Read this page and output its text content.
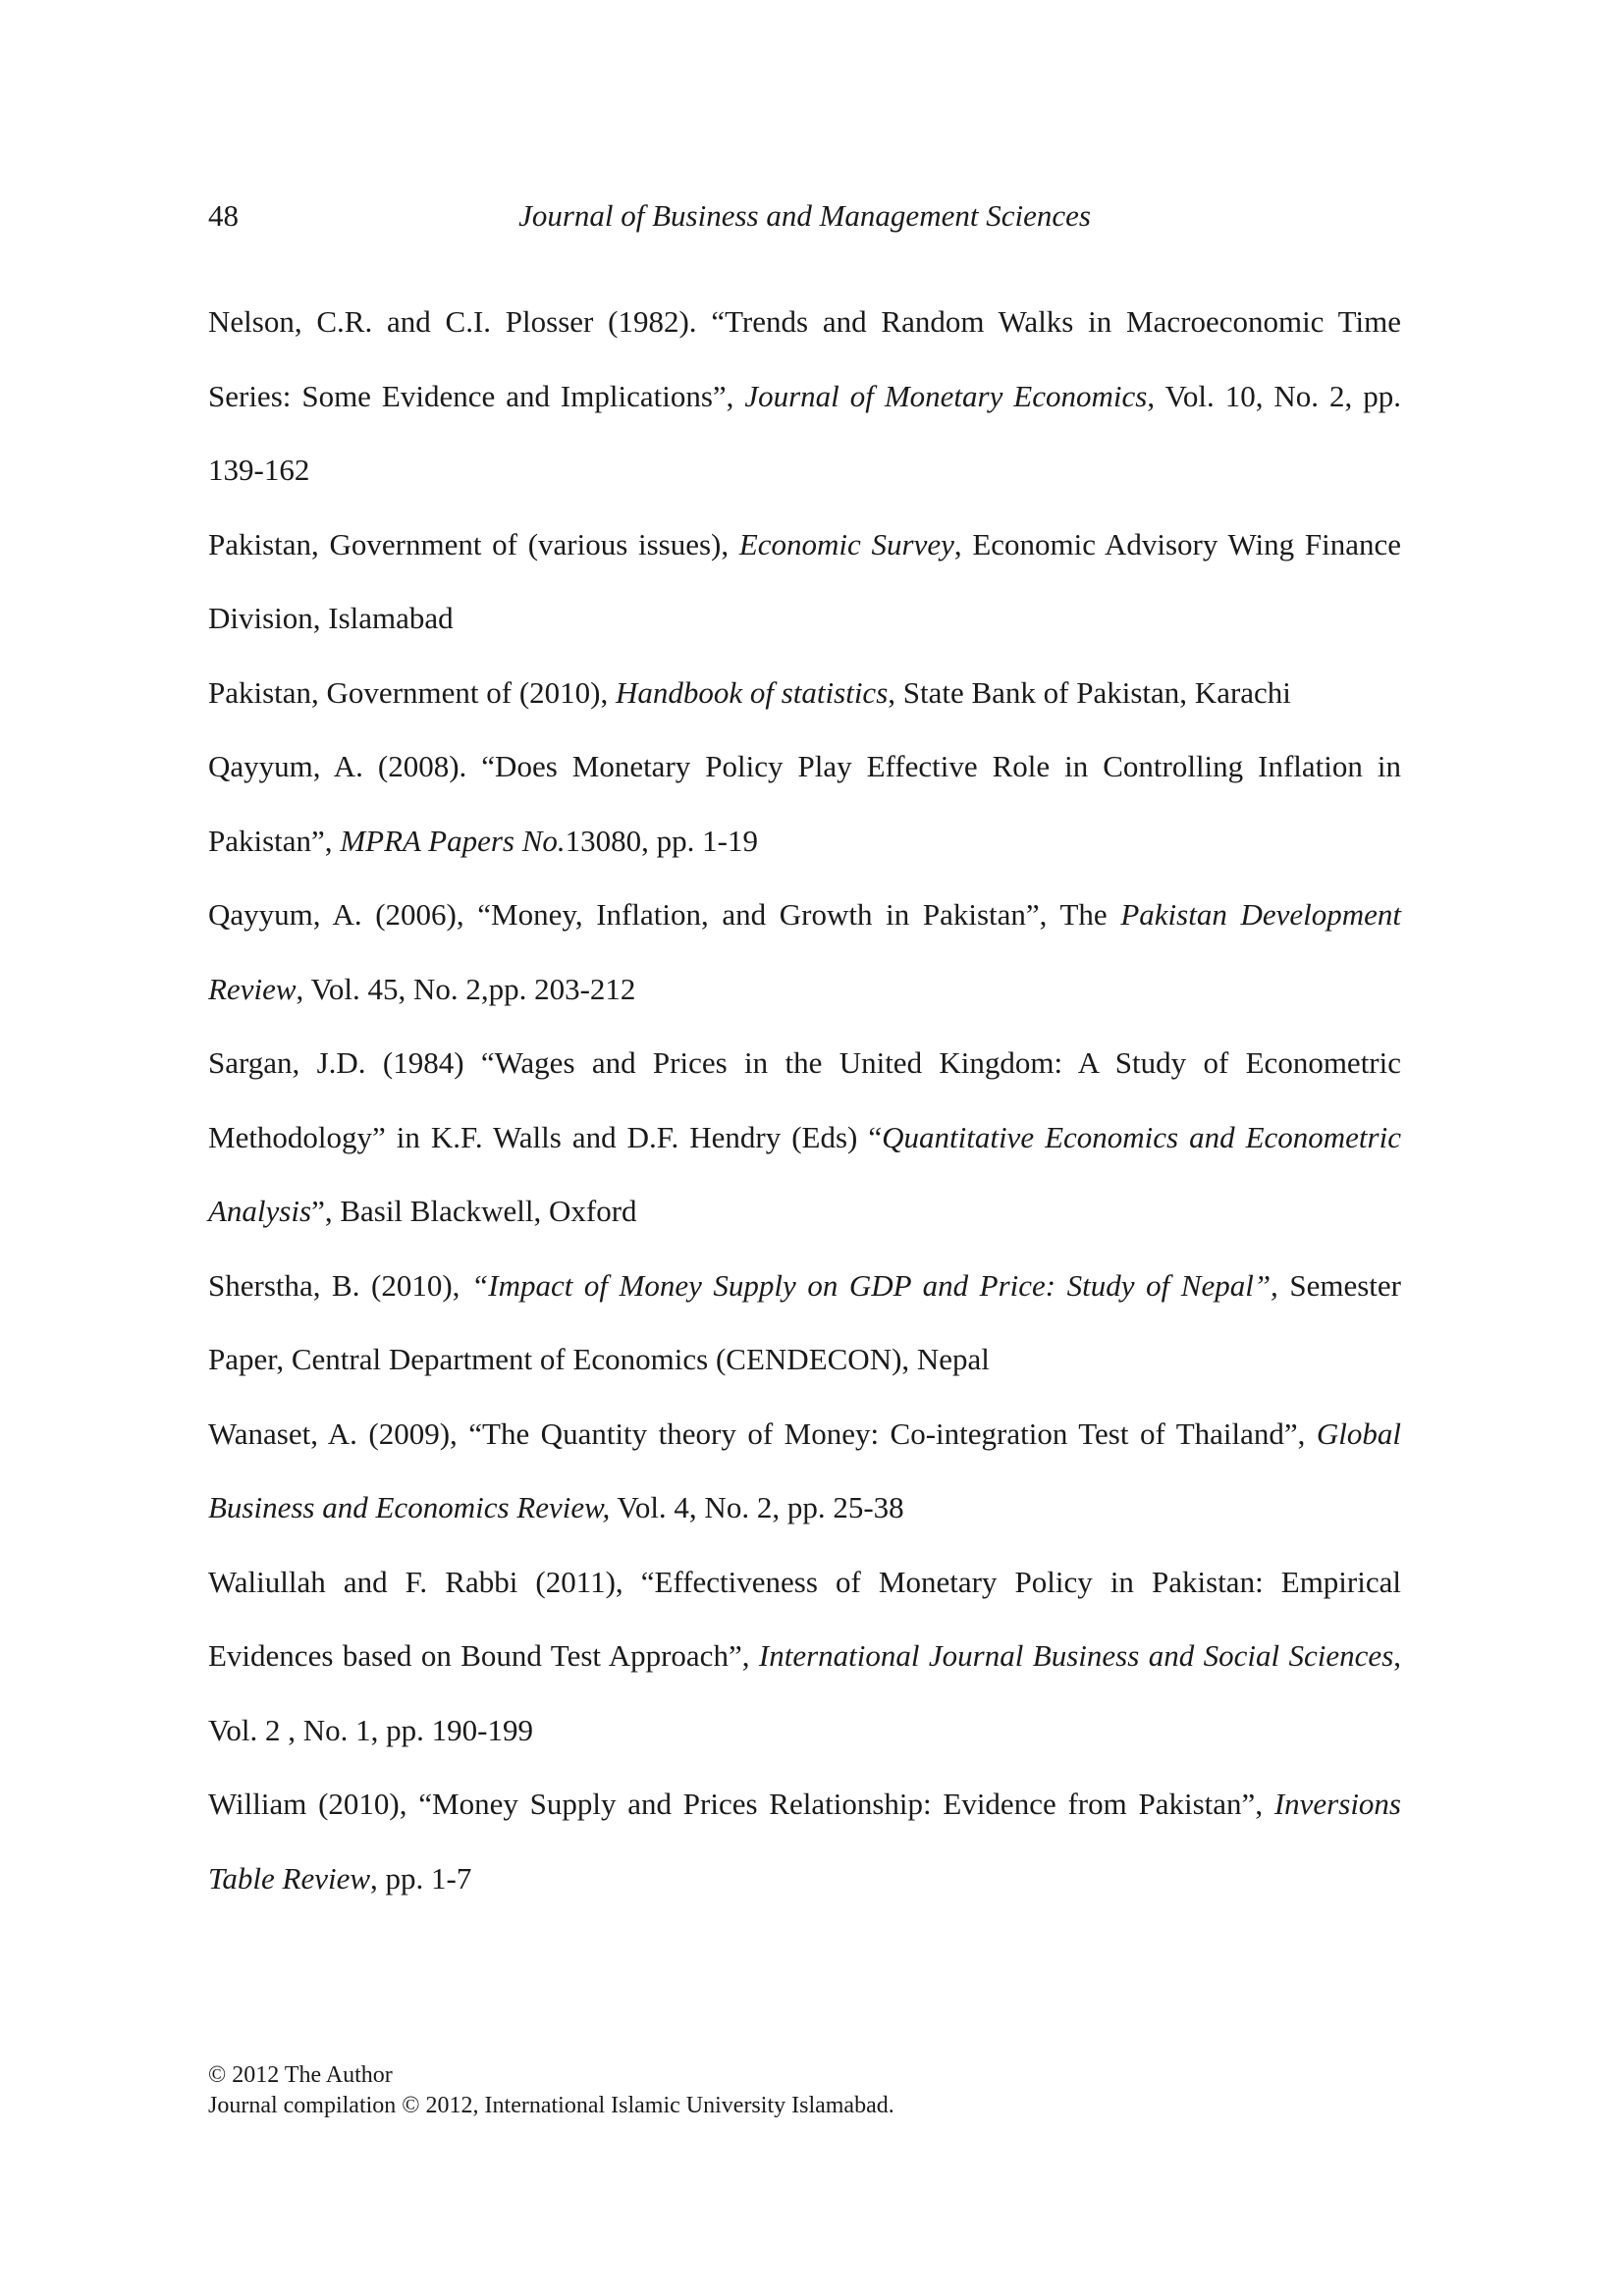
48	Journal of Business and Management Sciences

Nelson, C.R. and C.I. Plosser (1982). “Trends and Random Walks in Macroeconomic Time Series: Some Evidence and Implications”, Journal of Monetary Economics, Vol. 10, No. 2, pp. 139-162

Pakistan, Government of (various issues), Economic Survey, Economic Advisory Wing Finance Division, Islamabad

Pakistan, Government of (2010), Handbook of statistics, State Bank of Pakistan, Karachi

Qayyum, A. (2008). “Does Monetary Policy Play Effective Role in Controlling Inflation in Pakistan”, MPRA Papers No.13080, pp. 1-19

Qayyum, A. (2006), “Money, Inflation, and Growth in Pakistan”, The Pakistan Development Review, Vol. 45, No. 2,pp. 203-212

Sargan, J.D. (1984) “Wages and Prices in the United Kingdom: A Study of Econometric Methodology” in K.F. Walls and D.F. Hendry (Eds) “Quantitative Economics and Econometric Analysis”, Basil Blackwell, Oxford

Sherstha, B. (2010), “Impact of Money Supply on GDP and Price: Study of Nepal”, Semester Paper, Central Department of Economics (CENDECON), Nepal

Wanaset, A. (2009), “The Quantity theory of Money: Co-integration Test of Thailand”, Global Business and Economics Review, Vol. 4, No. 2, pp. 25-38

Waliullah and F. Rabbi (2011), “Effectiveness of Monetary Policy in Pakistan: Empirical Evidences based on Bound Test Approach”, International Journal Business and Social Sciences, Vol. 2 , No. 1, pp. 190-199

William (2010), “Money Supply and Prices Relationship: Evidence from Pakistan”, Inversions Table Review, pp. 1-7

© 2012 The Author
Journal compilation © 2012, International Islamic University Islamabad.
